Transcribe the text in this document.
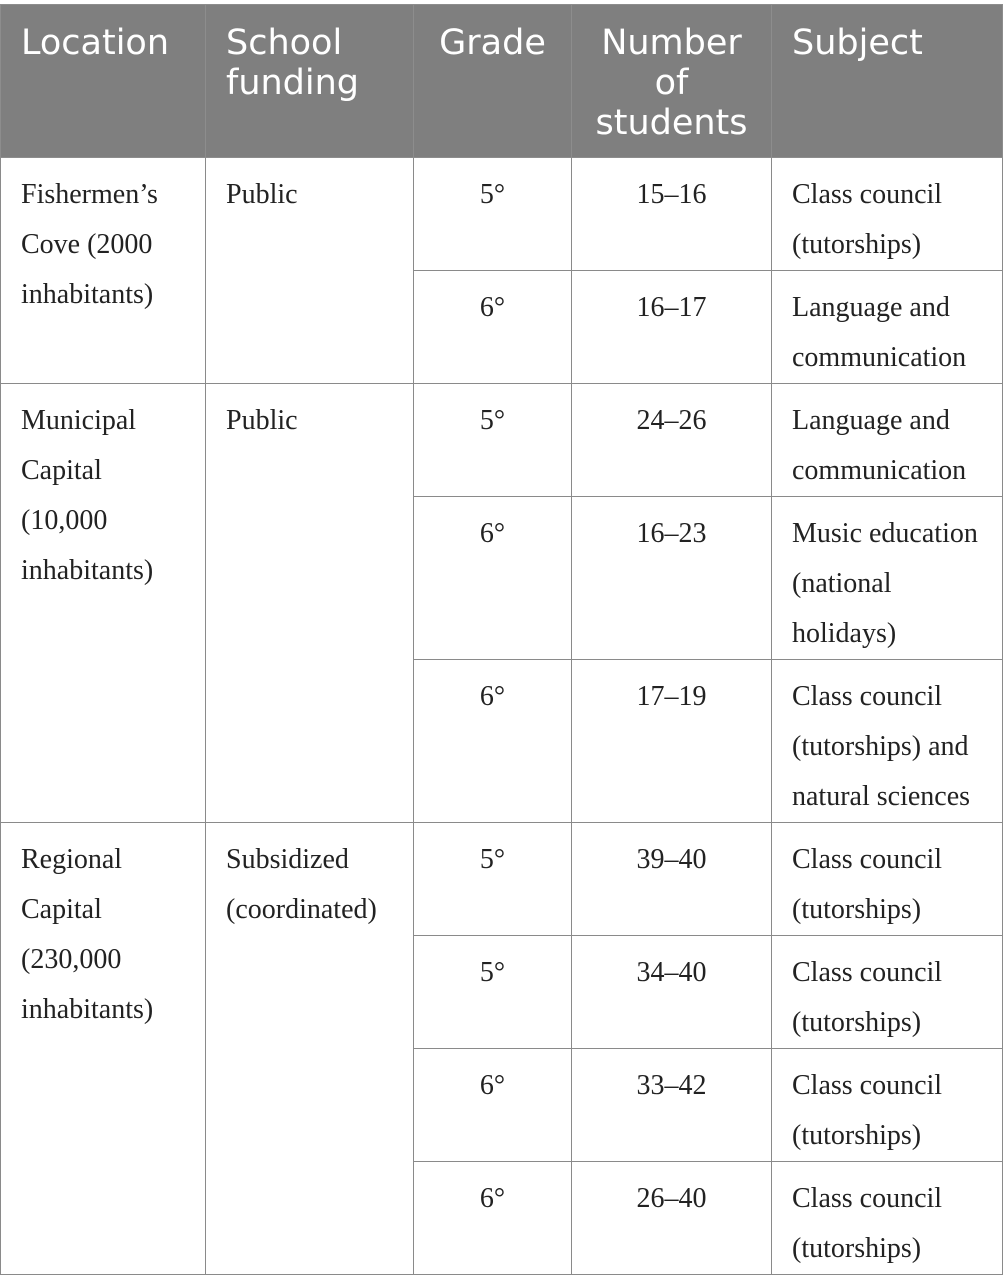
Location	School funding	Grade	Number of students	Subject
Fishermen’s Cove (2000 inhabitants)	Public	5°	15–16	Class council (tutorships)
		6°	16–17	Language and communication
Municipal Capital (10,000 inhabitants)	Public	5°	24–26	Language and communication
		6°	16–23	Music education (national holidays)
		6°	17–19	Class council (tutorships) and natural sciences
Regional Capital (230,000 inhabitants)	Subsidized (coordinated)	5°	39–40	Class council (tutorships)
		5°	34–40	Class council (tutorships)
		6°	33–42	Class council (tutorships)
		6°	26–40	Class council (tutorships)
